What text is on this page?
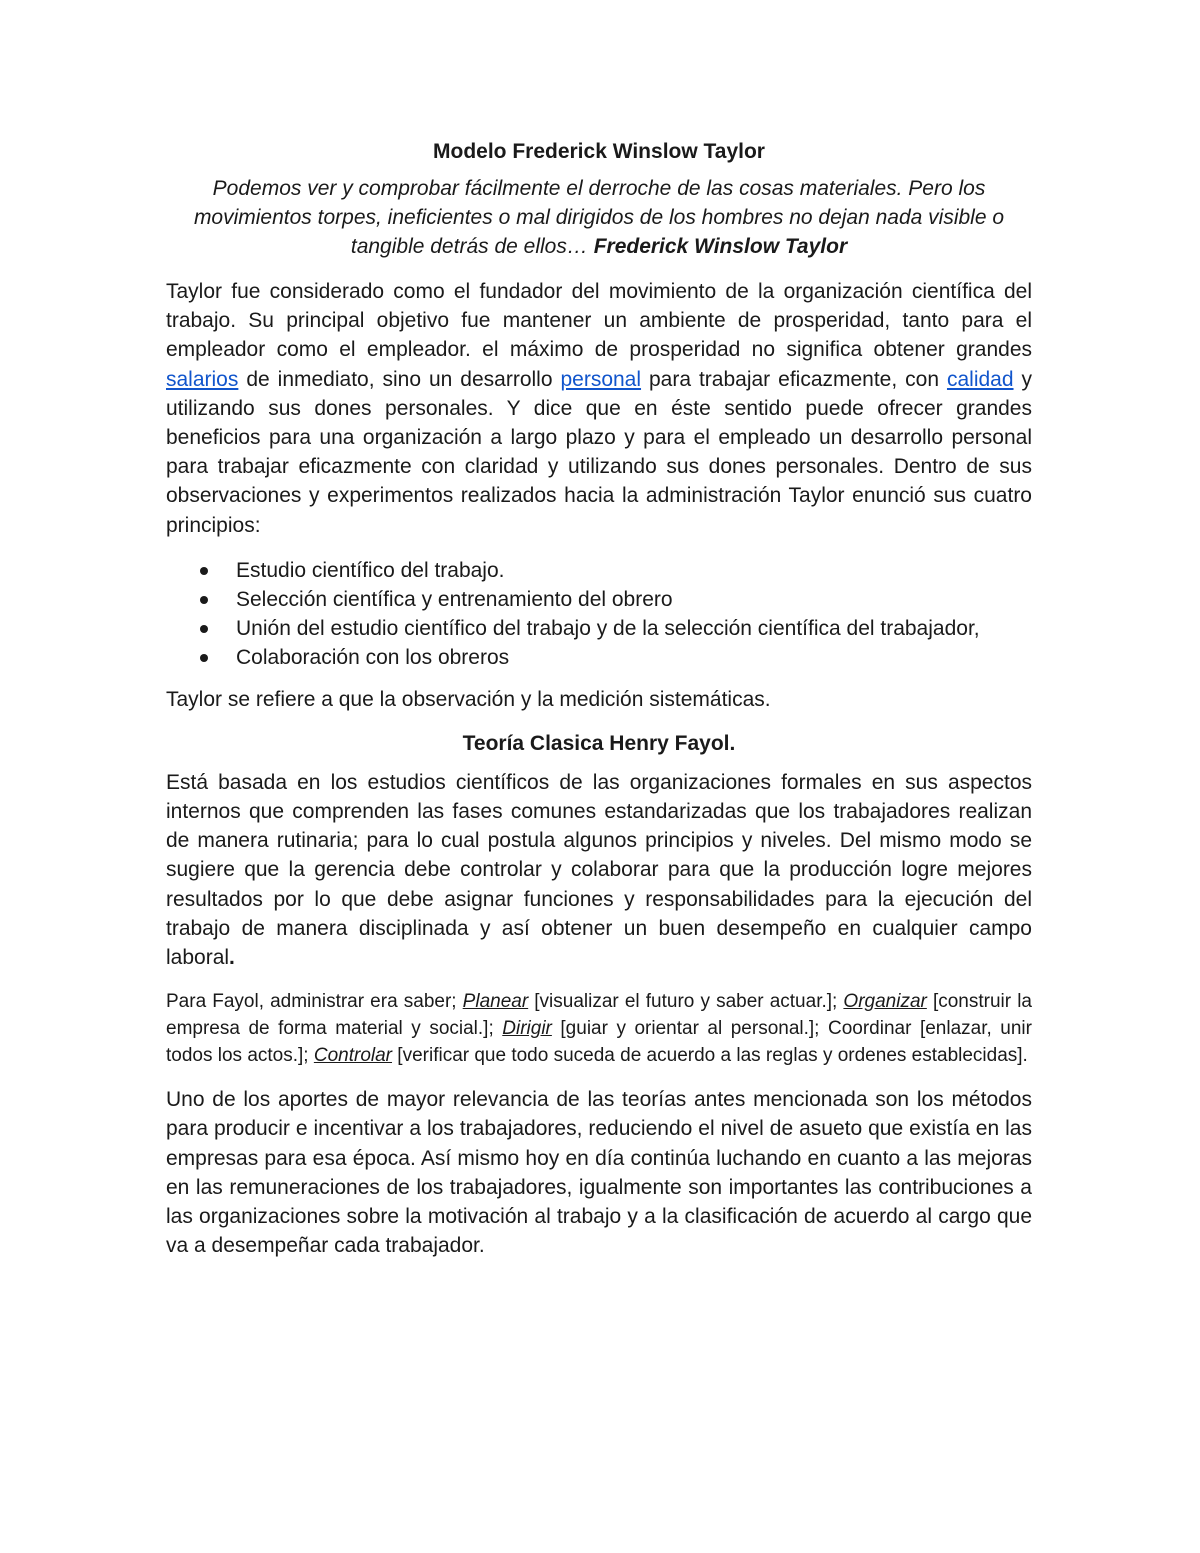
Modelo Frederick Winslow Taylor

Podemos ver y comprobar fácilmente el derroche de las cosas materiales. Pero los movimientos torpes, ineficientes o mal dirigidos de los hombres no dejan nada visible o tangible detrás de ellos… Frederick Winslow Taylor

Taylor fue considerado como el fundador del movimiento de la organización científica del trabajo. Su principal objetivo fue mantener un ambiente de prosperidad, tanto para el empleador como el empleador. el máximo de prosperidad no significa obtener grandes salarios de inmediato, sino un desarrollo personal para trabajar eficazmente, con calidad y utilizando sus dones personales. Y dice que en éste sentido puede ofrecer grandes beneficios para una organización a largo plazo y para el empleado un desarrollo personal para trabajar eficazmente con claridad y utilizando sus dones personales. Dentro de sus observaciones y experimentos realizados hacia la administración Taylor enunció sus cuatro principios:

Estudio científico del trabajo.
Selección científica y entrenamiento del obrero
Unión del estudio científico del trabajo y de la selección científica del trabajador,
Colaboración con los obreros

Taylor se refiere a que la observación y la medición sistemáticas.

Teoría Clasica Henry Fayol.

Está basada en los estudios científicos de las organizaciones formales en sus aspectos internos que comprenden las fases comunes estandarizadas que los trabajadores realizan de manera rutinaria; para lo cual postula algunos principios y niveles. Del mismo modo se sugiere que la gerencia debe controlar y colaborar para que la producción logre mejores resultados por lo que debe asignar funciones y responsabilidades para la ejecución del trabajo de manera disciplinada y así obtener un buen desempeño en cualquier campo laboral.

Para Fayol, administrar era saber; Planear [visualizar el futuro y saber actuar.]; Organizar [construir la empresa de forma material y social.]; Dirigir [guiar y orientar al personal.]; Coordinar [enlazar, unir todos los actos.]; Controlar [verificar que todo suceda de acuerdo a las reglas y ordenes establecidas].

Uno de los aportes de mayor relevancia de las teorías antes mencionada son los métodos para producir e incentivar a los trabajadores, reduciendo el nivel de asueto que existía en las empresas para esa época. Así mismo hoy en día continúa luchando en cuanto a las mejoras en las remuneraciones de los trabajadores, igualmente son importantes las contribuciones a las organizaciones sobre la motivación al trabajo y a la clasificación de acuerdo al cargo que va a desempeñar cada trabajador.
